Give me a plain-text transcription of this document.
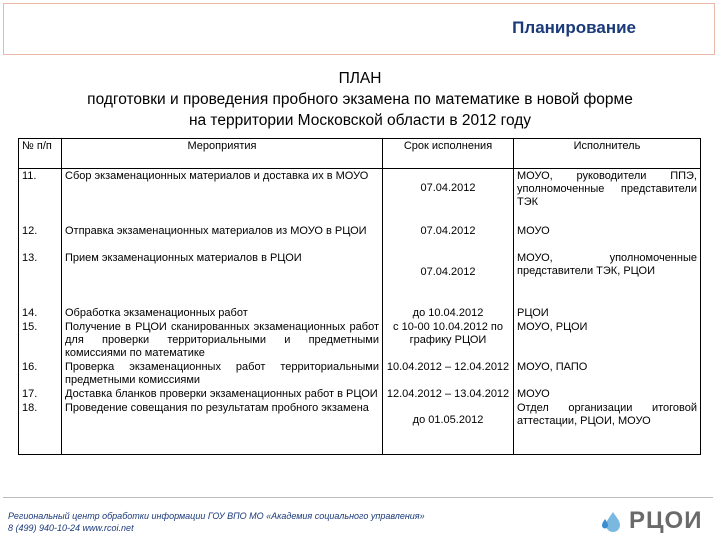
Планирование
ПЛАН
подготовки и проведения пробного экзамена по математике в новой форме
на территории Московской области в 2012 году
№ п/п	Мероприятия	Срок исполнения	Исполнитель
11.	Сбор экзаменационных материалов и доставка их в МОУО	07.04.2012	МОУО, руководители ППЭ, уполномоченные представители ТЭК
12.	Отправка экзаменационных материалов из МОУО в РЦОИ	07.04.2012	МОУО
13.	Прием экзаменационных материалов в РЦОИ	07.04.2012	МОУО, уполномоченные представители ТЭК, РЦОИ
14.	Обработка экзаменационных работ	до 10.04.2012	РЦОИ
15.	Получение в РЦОИ сканированных экзаменационных работ для проверки территориальными и предметными комиссиями по математике	с 10-00 10.04.2012 по графику РЦОИ	МОУО, РЦОИ
16.	Проверка экзаменационных работ территориальными предметными комиссиями	10.04.2012 – 12.04.2012	МОУО, ПАПО
17.	Доставка бланков проверки экзаменационных работ в РЦОИ	12.04.2012 – 13.04.2012	МОУО
18.	Проведение совещания по результатам пробного экзамена	до 01.05.2012	Отдел организации итоговой аттестации, РЦОИ, МОУО
Региональный центр обработки информации ГОУ ВПО МО «Академия социального управления»
8 (499) 940-10-24 www.rcoi.net	РЦОИ
